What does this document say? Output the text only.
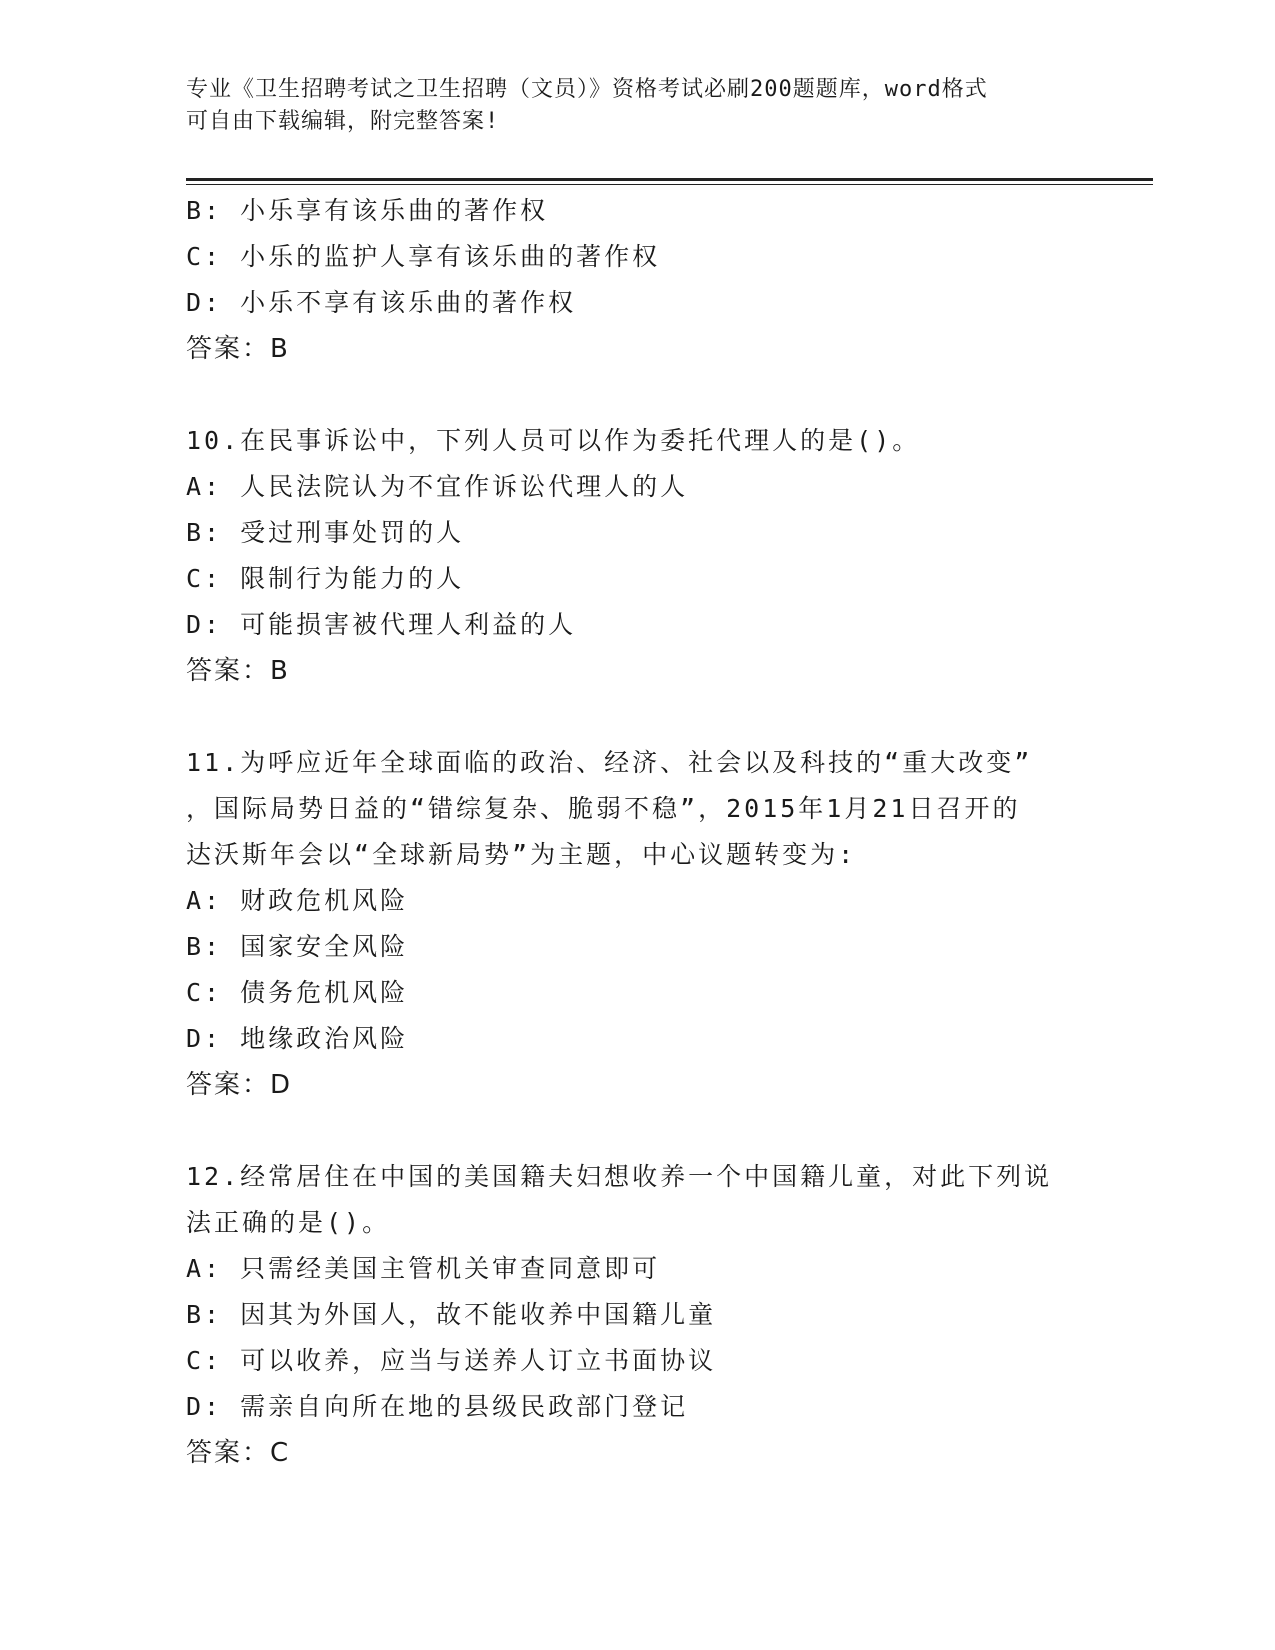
专业《卫生招聘考试之卫生招聘（文员）》资格考试必刷200题题库，word格式
可自由下载编辑，附完整答案!
B: 小乐享有该乐曲的著作权
C: 小乐的监护人享有该乐曲的著作权
D: 小乐不享有该乐曲的著作权
答案：B
10.在民事诉讼中，下列人员可以作为委托代理人的是()。
A: 人民法院认为不宜作诉讼代理人的人
B: 受过刑事处罚的人
C: 限制行为能力的人
D: 可能损害被代理人利益的人
答案：B
11.为呼应近年全球面临的政治、经济、社会以及科技的“重大改变”
，国际局势日益的“错综复杂、脆弱不稳”，2015年1月21日召开的
达沃斯年会以“全球新局势”为主题，中心议题转变为:
A: 财政危机风险
B: 国家安全风险
C: 债务危机风险
D: 地缘政治风险
答案：D
12.经常居住在中国的美国籍夫妇想收养一个中国籍儿童，对此下列说
法正确的是()。
A: 只需经美国主管机关审查同意即可
B: 因其为外国人，故不能收养中国籍儿童
C: 可以收养，应当与送养人订立书面协议
D: 需亲自向所在地的县级民政部门登记
答案：C
